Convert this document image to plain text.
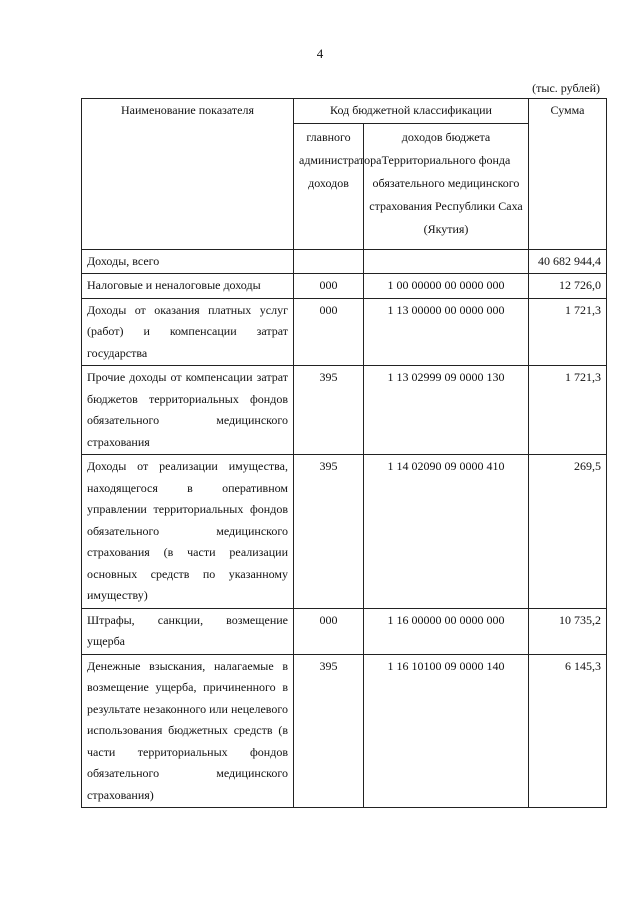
4
(тыс. рублей)
Наименование показателя	Код бюджетной классификации		Сумма
	главного администратора доходов	доходов бюджета Территориального фонда обязательного медицинского страхования Республики Саха (Якутия)	
Доходы, всего			40 682 944,4
Налоговые и неналоговые доходы	000	1 00 00000 00 0000 000	12 726,0
Доходы от оказания платных услуг (работ) и компенсации затрат государства	000	1 13 00000 00 0000 000	1 721,3
Прочие доходы от компенсации затрат бюджетов территориальных фондов обязательного медицинского страхования	395	1 13 02999 09 0000 130	1 721,3
Доходы от реализации имущества, находящегося в оперативном управлении территориальных фондов обязательного медицинского страхования (в части реализации основных средств по указанному имуществу)	395	1 14 02090 09 0000 410	269,5
Штрафы, санкции, возмещение ущерба	000	1 16 00000 00 0000 000	10 735,2
Денежные взыскания, налагаемые в возмещение ущерба, причиненного в результате незаконного или нецелевого использования бюджетных средств (в части территориальных фондов обязательного медицинского страхования)	395	1 16 10100 09 0000 140	6 145,3
